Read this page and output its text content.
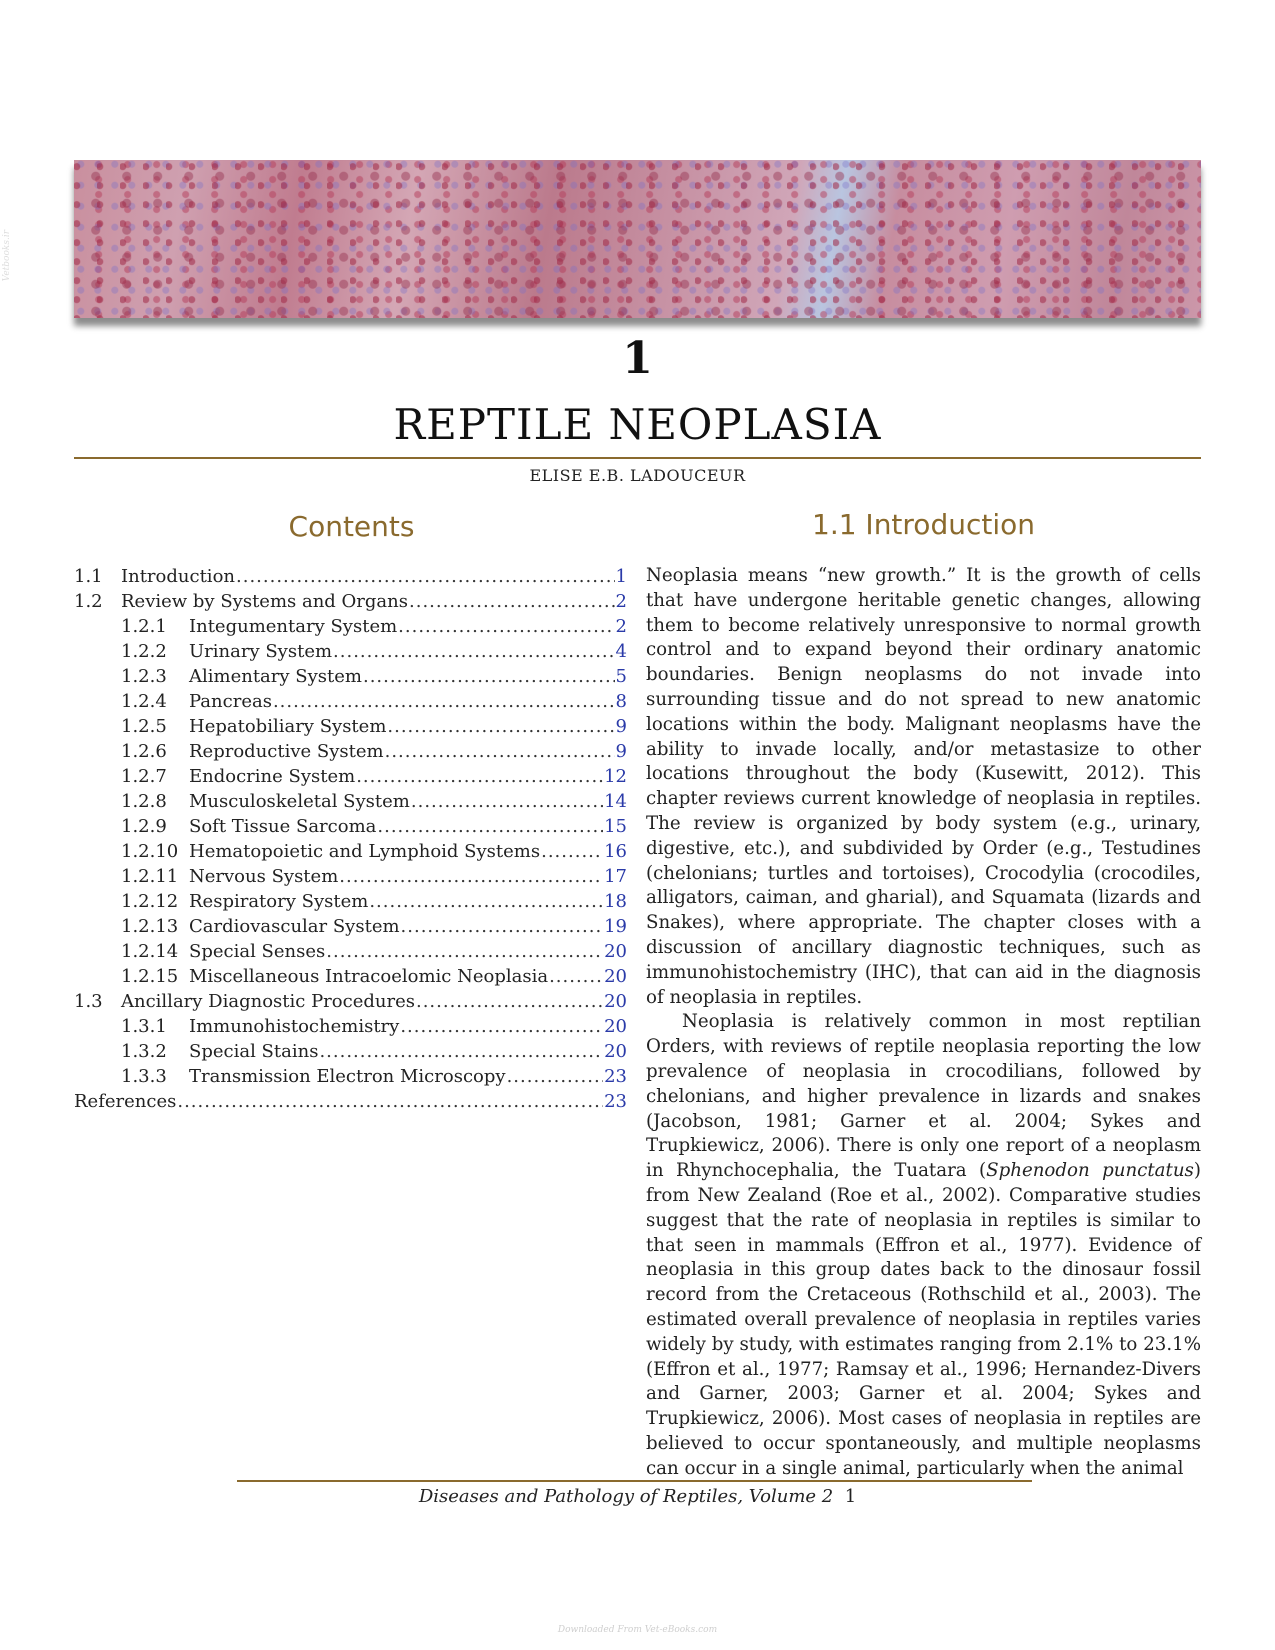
Vetbooks.ir
1
REPTILE NEOPLASIA
ELISE E.B. LADOUCEUR
Contents	1.1 Introduction
1.1	Introduction .....	1
1.2	Review by Systems and Organs .....	2
1.2.1	Integumentary System .....	2
1.2.2	Urinary System .....	4
1.2.3	Alimentary System .....	5
1.2.4	Pancreas .....	8
1.2.5	Hepatobiliary System .....	9
1.2.6	Reproductive System .....	9
1.2.7	Endocrine System .....	12
1.2.8	Musculoskeletal System .....	14
1.2.9	Soft Tissue Sarcoma .....	15
1.2.10 Hematopoietic and Lymphoid Systems .....	16
1.2.11 Nervous System .....	17
1.2.12 Respiratory System .....	18
1.2.13 Cardiovascular System .....	19
1.2.14 Special Senses .....	20
1.2.15 Miscellaneous Intracoelomic Neoplasia .....	20
1.3	Ancillary Diagnostic Procedures .....	20
1.3.1	Immunohistochemistry .....	20
1.3.2	Special Stains .....	20
1.3.3	Transmission Electron Microscopy .....	23
References .....	23

Neoplasia means “new growth.” It is the growth of cells that have undergone heritable genetic changes, allowing them to become relatively unresponsive to normal growth control and to expand beyond their ordinary anatomic boundaries. Benign neoplasms do not invade into surrounding tissue and do not spread to new anatomic locations within the body. Malignant neoplasms have the ability to invade locally, and/or metastasize to other locations throughout the body (Kusewitt, 2012). This chapter reviews current knowledge of neoplasia in reptiles. The review is organized by body system (e.g., urinary, digestive, etc.), and subdivided by Order (e.g., Testudines (chelonians; turtles and tortoises), Crocodylia (crocodiles, alligators, caiman, and gharial), and Squamata (lizards and Snakes), where appropriate. The chapter closes with a discussion of ancillary diagnostic techniques, such as immunohistochemistry (IHC), that can aid in the diagnosis of neoplasia in reptiles.

Neoplasia is relatively common in most reptilian Orders, with reviews of reptile neoplasia reporting the low prevalence of neoplasia in crocodilians, followed by chelonians, and higher prevalence in lizards and snakes (Jacobson, 1981; Garner et al. 2004; Sykes and Trupkiewicz, 2006). There is only one report of a neoplasm in Rhynchocephalia, the Tuatara (Sphenodon punctatus) from New Zealand (Roe et al., 2002). Comparative studies suggest that the rate of neoplasia in reptiles is similar to that seen in mammals (Effron et al., 1977). Evidence of neoplasia in this group dates back to the dinosaur fossil record from the Cretaceous (Rothschild et al., 2003). The estimated overall prevalence of neoplasia in reptiles varies widely by study, with estimates ranging from 2.1% to 23.1% (Effron et al., 1977; Ramsay et al., 1996; Hernandez-Divers and Garner, 2003; Garner et al. 2004; Sykes and Trupkiewicz, 2006). Most cases of neoplasia in reptiles are believed to occur spontaneously, and multiple neoplasms can occur in a single animal, particularly when the animal

Diseases and Pathology of Reptiles, Volume 2 1
Downloaded From Vet-eBooks.com
